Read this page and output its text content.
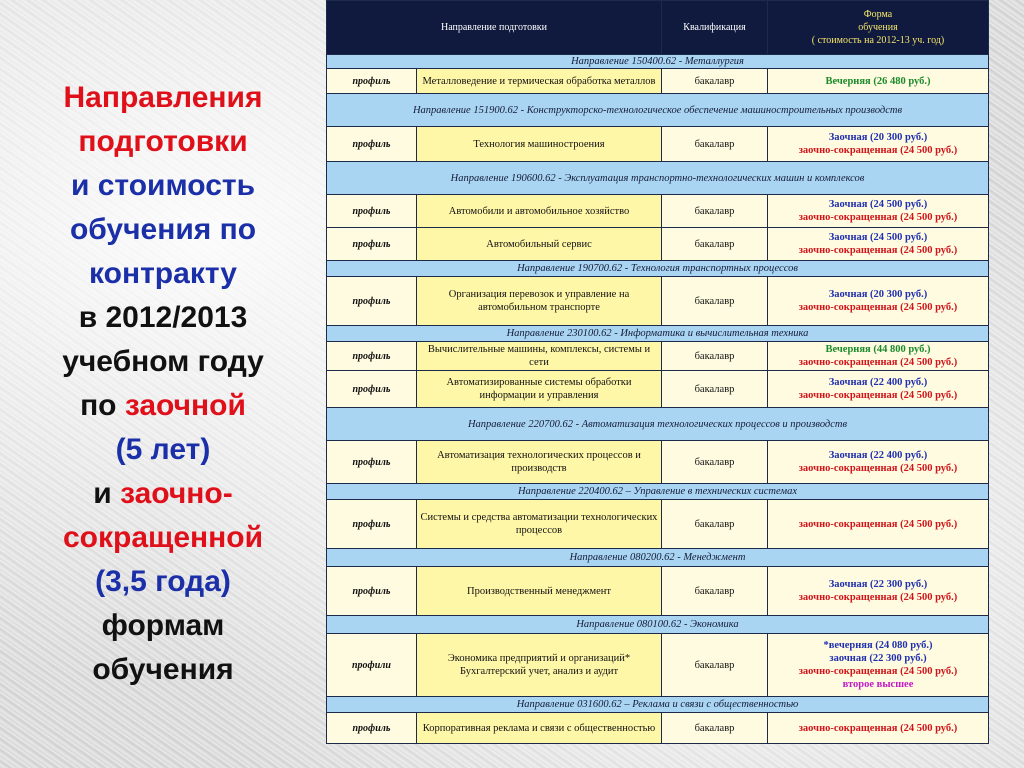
Направления
подготовки
и стоимость
обучения по
контракту
в 2012/2013
учебном году
по заочной
(5 лет)
и заочно-
сокращенной
(3,5 года)
формам
обучения
Направление подготовки		Квалификация	Форма
обучения
( стоимость на 2012-13 уч. год)

Направление 150400.62 - Металлургия			
профиль	Металловедение и термическая обработка металлов	бакалавр	Вечерняя (26 480 руб.)

Направление 151900.62 - Конструкторско-технологическое обеспечение машиностроительных производств			
профиль	Технология машиностроения	бакалавр	Заочная (20 300 руб.)
заочно-сокращенная (24 500 руб.)

Направление 190600.62 - Эксплуатация транспортно-технологических машин и комплексов			
профиль	Автомобили и автомобильное хозяйство	бакалавр	Заочная (24 500 руб.)
заочно-сокращенная (24 500 руб.)

профиль	Автомобильный сервис	бакалавр	Заочная (24 500 руб.)
заочно-сокращенная (24 500 руб.)

Направление 190700.62 - Технология транспортных процессов			
профиль	Организация перевозок и управление на автомобильном транспорте	бакалавр	Заочная (20 300 руб.)
заочно-сокращенная (24 500 руб.)

Направление 230100.62 - Информатика и вычислительная техника			
профиль	Вычислительные машины, комплексы, системы и сети	бакалавр	Вечерняя (44 800 руб.)
заочно-сокращенная (24 500 руб.)

профиль	Автоматизированные системы обработки информации и управления	бакалавр	Заочная (22 400 руб.)
заочно-сокращенная (24 500 руб.)

Направление 220700.62 - Автоматизация технологических процессов и производств			
профиль	Автоматизация технологических процессов и производств	бакалавр	Заочная (22 400 руб.)
заочно-сокращенная (24 500 руб.)

Направление 220400.62 – Управление в технических системах			
профиль	Системы и средства автоматизации технологических процессов	бакалавр	заочно-сокращенная (24 500 руб.)

Направление 080200.62 - Менеджмент			
профиль	Производственный менеджмент	бакалавр	Заочная (22 300 руб.)
заочно-сокращенная (24 500 руб.)

Направление 080100.62 - Экономика			
профили	Экономика предприятий и организаций* Бухгалтерский учет, анализ и аудит	бакалавр	*вечерняя (24 080 руб.)
заочная (22 300 руб.)
заочно-сокращенная (24 500 руб.)
второе высшее

Направление 031600.62 – Реклама и связи с общественностью			
профиль	Корпоративная реклама и связи с общественностью	бакалавр	заочно-сокращенная (24 500 руб.)
